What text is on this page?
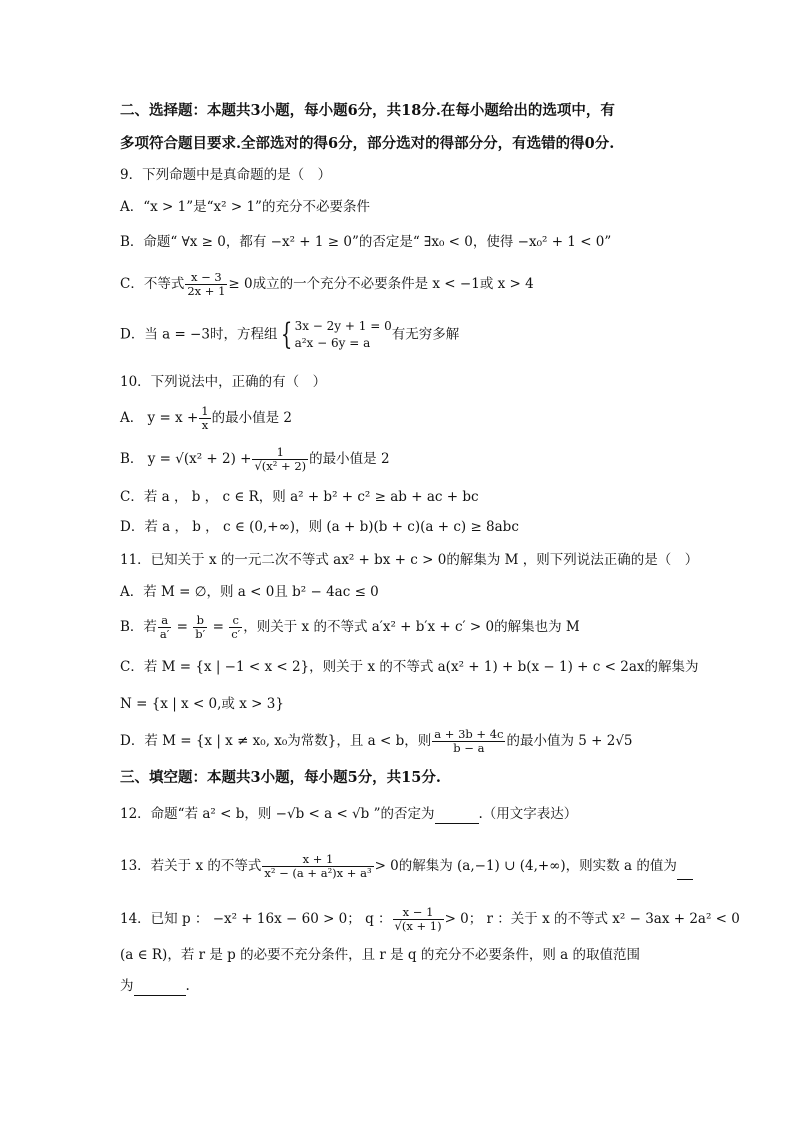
二、选择题：本题共3小题，每小题6分，共18分.在每小题给出的选项中，有
多项符合题目要求.全部选对的得6分，部分选对的得部分分，有选错的得0分.
9．下列命题中是真命题的是（　）
A．“x > 1”是“x² > 1”的充分不必要条件
B．命题“ ∀x ≥ 0，都有 −x² + 1 ≥ 0”的否定是“ ∃x₀ < 0，使得 −x₀² + 1 < 0”
C．不等式 $\frac{x - 3}{2x + 1} \ge 0$成立的一个充分不必要条件是 x < −1或 x > 4
D．当 a = −3时，方程组 { 3x − 2y + 1 = 0
a²x − 6y = a
有无穷多解
10．下列说法中，正确的有（　）
A． $y = x + \frac{1}{x}$ 的最小值是 2
B． $y = √(x^2 + 2) + \frac{1}{\text{√(x² + 2)}}$ 的最小值是 2
C．若 a ， b ， c ∈ R，则 a² + b² + c² ≥ ab + ac + bc
D．若 a ， b ， c ∈ (0,+∞)，则 (a + b)(b + c)(a + c) ≥ 8abc
11．已知关于 x 的一元二次不等式 ax² + bx + c > 0的解集为 M ，则下列说法正确的是（　）
A．若 M = ∅，则 a < 0且 b² − 4ac ≤ 0
B．若 $\frac{a}{a'} = \frac{b}{b'} = \frac{c}{c'}$ ，则关于 x 的不等式 a′x² + b′x + c′ > 0的解集也为 M
C．若 M = {x | −1 < x < 2}，则关于 x 的不等式 a(x² + 1) + b(x − 1) + c < 2ax的解集为
N = {x | x < 0,或 x > 3}
D．若 M = {x | x ≠ x₀, x₀为常数}，且 a < b，则 $\frac{a + 3b + 4c}{b - a}$ 的最小值为 5 + 2√5
三、填空题：本题共3小题，每小题5分，共15分.
12．命题“若 a² < b，则 −√b < a < √b ”的否定为	.（用文字表达）
13．若关于 x 的不等式 $\frac{x + 1}{\text{x² − (a + a²)x + a³}} > 0$的解集为 (a,−1) ∪ (4,+∞)，则实数 a 的值为
14．已知 p ： −x² + 16x − 60 > 0； q ： $\frac{x - 1}{√(x + 1)} > 0$； r ：关于 x 的不等式 x² − 3ax + 2a² < 0
(a ∈ R)，若 r 是 p 的必要不充分条件，且 r 是 q 的充分不必要条件，则 a 的取值范围
为	.
